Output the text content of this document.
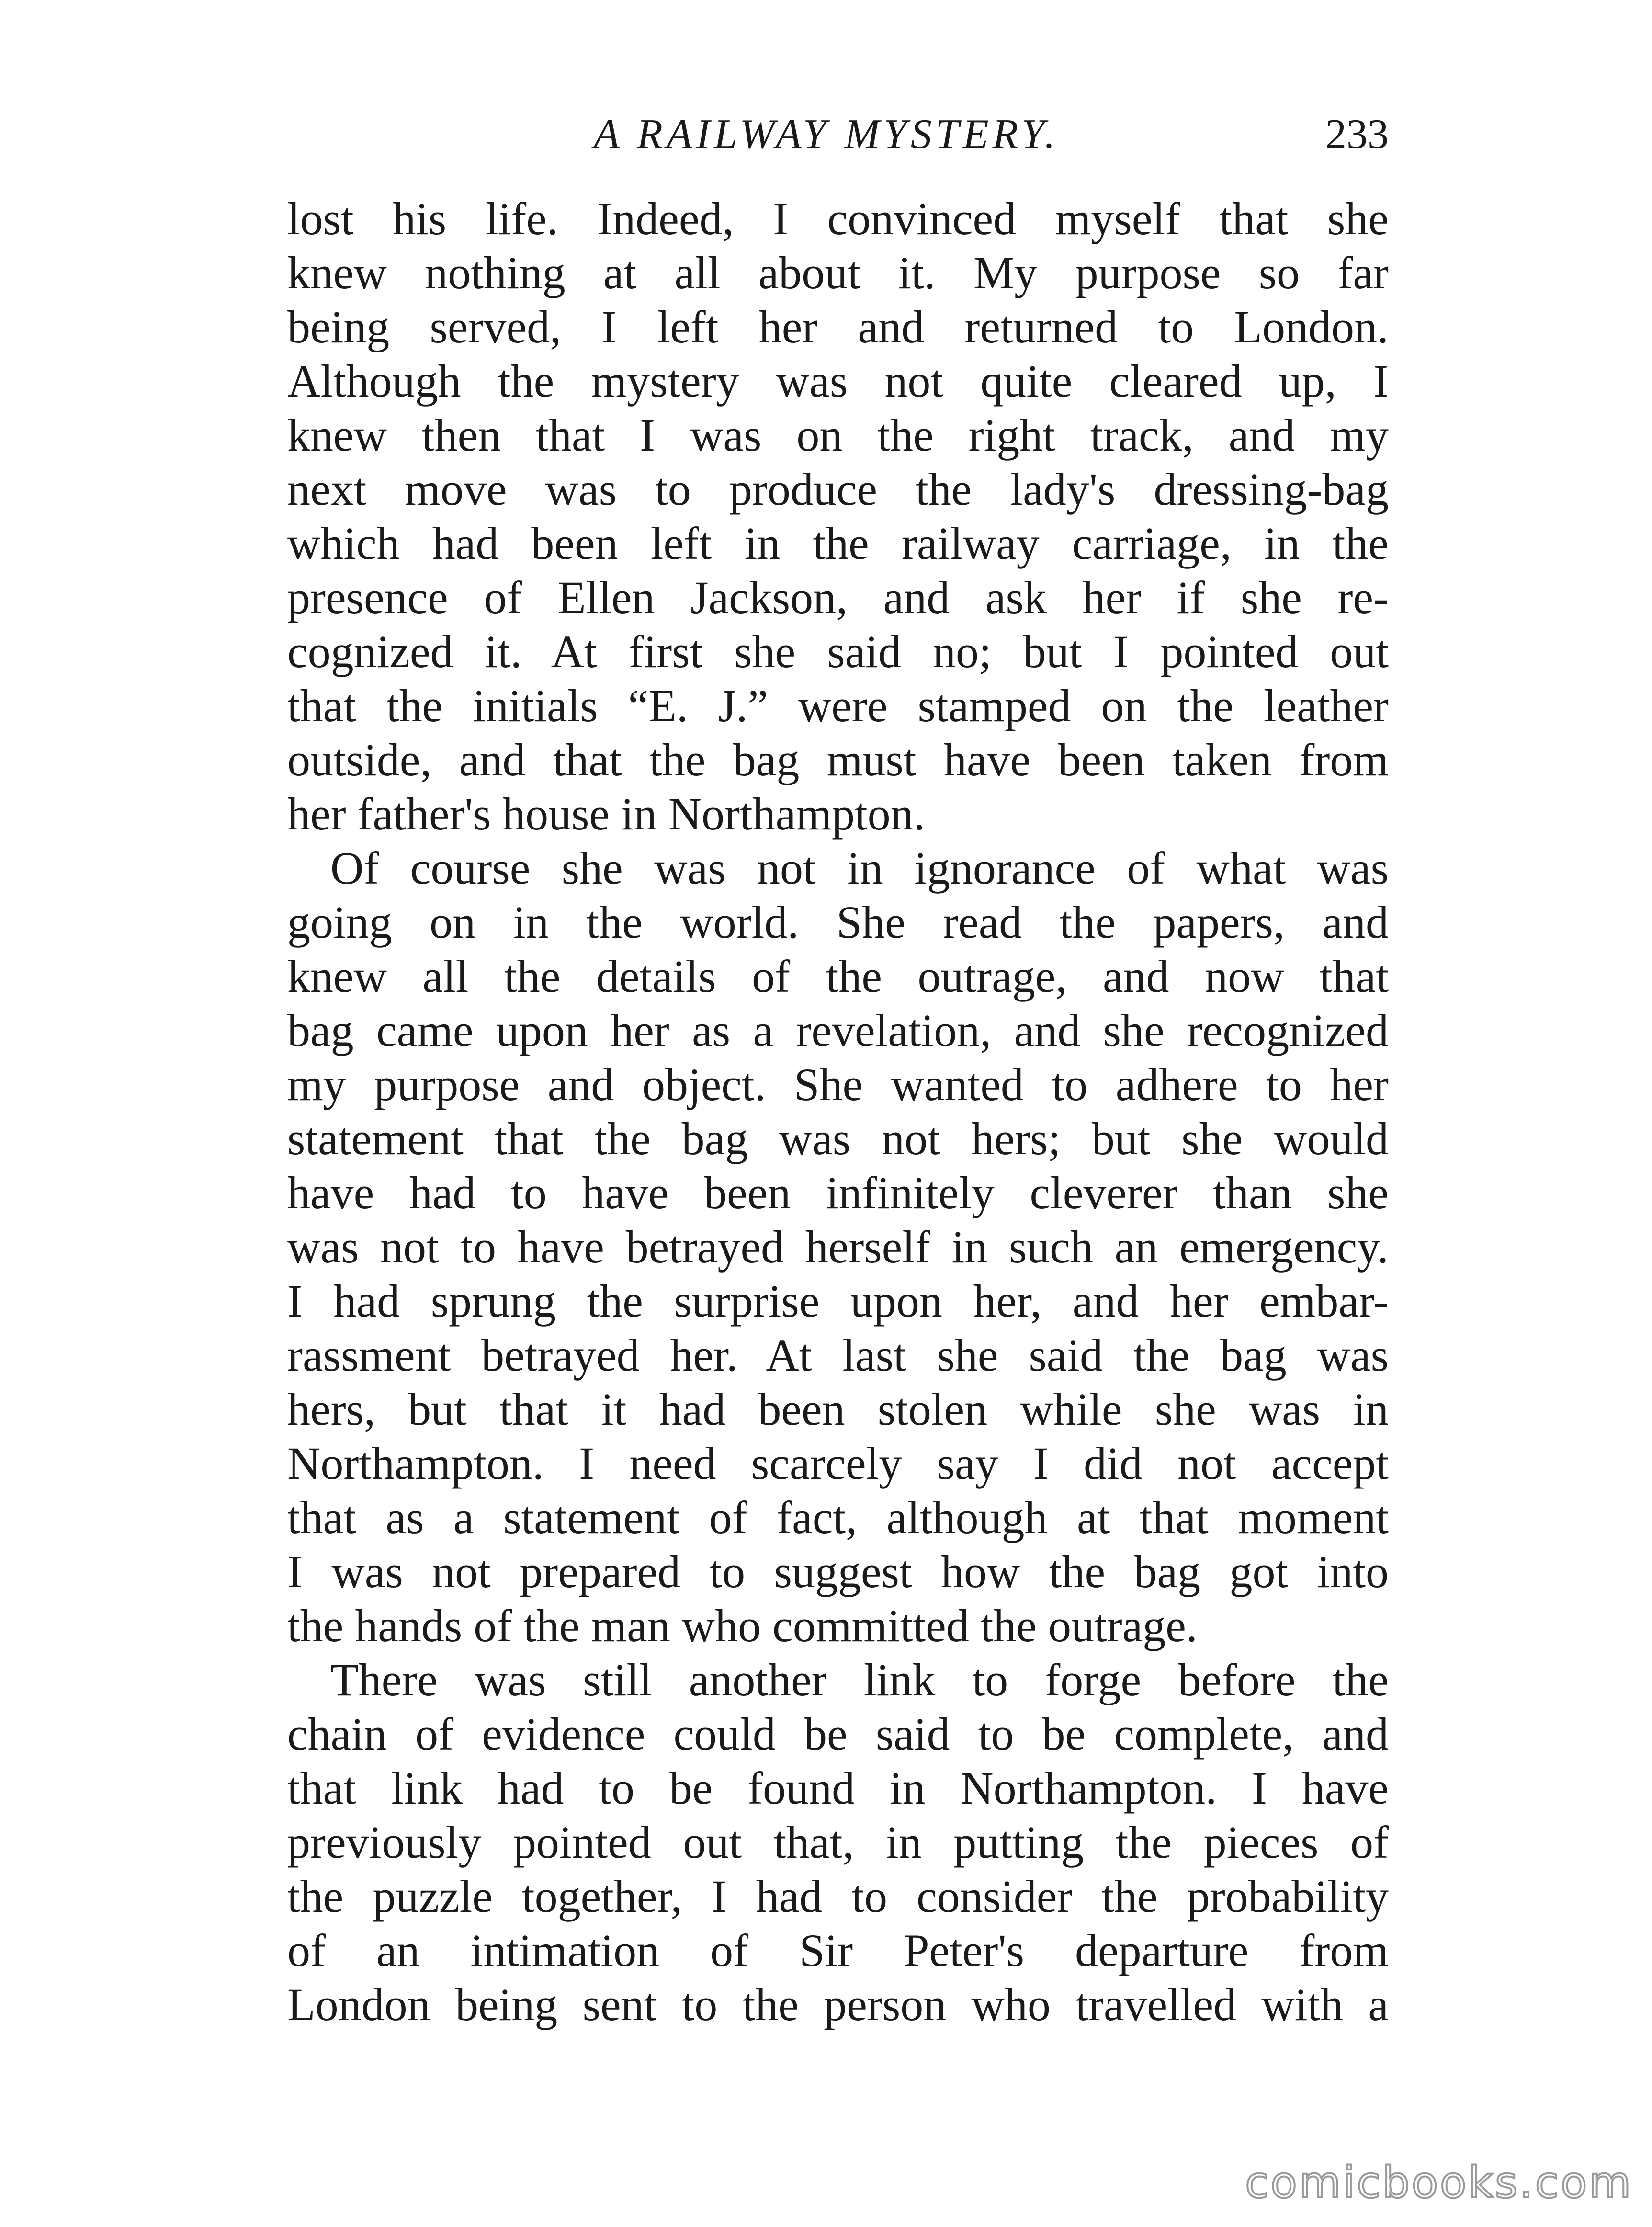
A RAILWAY MYSTERY.	233
lost his life. Indeed, I convinced myself that she
knew nothing at all about it. My purpose so far
being served, I left her and returned to London.
Although the mystery was not quite cleared up, I
knew then that I was on the right track, and my
next move was to produce the lady's dressing-bag
which had been left in the railway carriage, in the
presence of Ellen Jackson, and ask her if she re-
cognized it. At first she said no; but I pointed out
that the initials “E. J.” were stamped on the leather
outside, and that the bag must have been taken from
her father's house in Northampton.
Of course she was not in ignorance of what was
going on in the world. She read the papers, and
knew all the details of the outrage, and now that
bag came upon her as a revelation, and she recognized
my purpose and object. She wanted to adhere to her
statement that the bag was not hers; but she would
have had to have been infinitely cleverer than she
was not to have betrayed herself in such an emergency.
I had sprung the surprise upon her, and her embar-
rassment betrayed her. At last she said the bag was
hers, but that it had been stolen while she was in
Northampton. I need scarcely say I did not accept
that as a statement of fact, although at that moment
I was not prepared to suggest how the bag got into
the hands of the man who committed the outrage.
There was still another link to forge before the
chain of evidence could be said to be complete, and
that link had to be found in Northampton. I have
previously pointed out that, in putting the pieces of
the puzzle together, I had to consider the probability
of an intimation of Sir Peter's departure from
London being sent to the person who travelled with a
comicbooks.com
